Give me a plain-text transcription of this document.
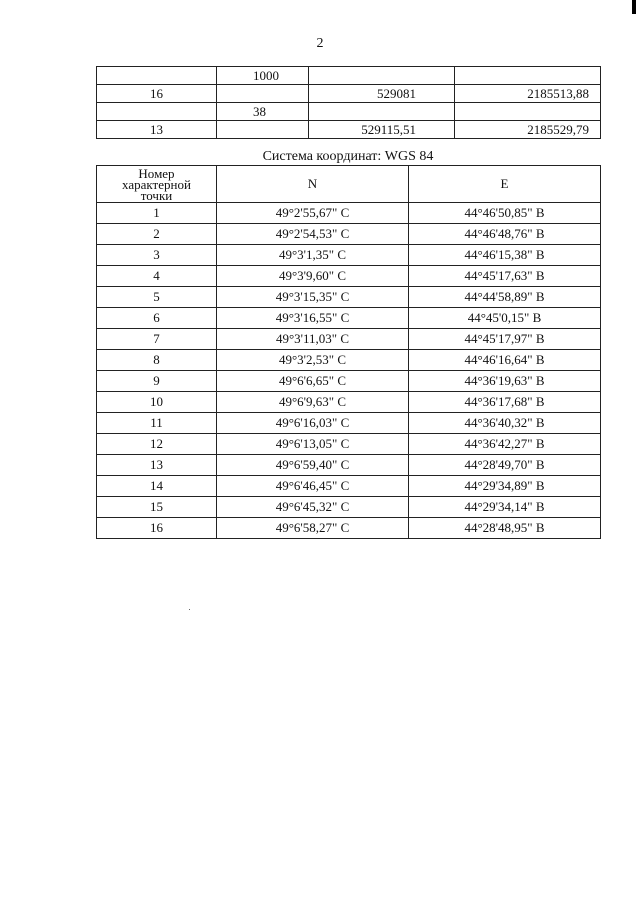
2
	1000		
16		529081	2185513,88
	38		
13		529115,51	2185529,79
Система координат: WGS 84
Номер характерной точки	N	E
1	49°2'55,67" С	44°46'50,85" В
2	49°2'54,53" С	44°46'48,76" В
3	49°3'1,35" С	44°46'15,38" В
4	49°3'9,60" С	44°45'17,63" В
5	49°3'15,35" С	44°44'58,89" В
6	49°3'16,55" С	44°45'0,15" В
7	49°3'11,03" С	44°45'17,97" В
8	49°3'2,53" С	44°46'16,64" В
9	49°6'6,65" С	44°36'19,63" В
10	49°6'9,63" С	44°36'17,68" В
11	49°6'16,03" С	44°36'40,32" В
12	49°6'13,05" С	44°36'42,27" В
13	49°6'59,40" С	44°28'49,70" В
14	49°6'46,45" С	44°29'34,89" В
15	49°6'45,32" С	44°29'34,14" В
16	49°6'58,27" С	44°28'48,95" В
